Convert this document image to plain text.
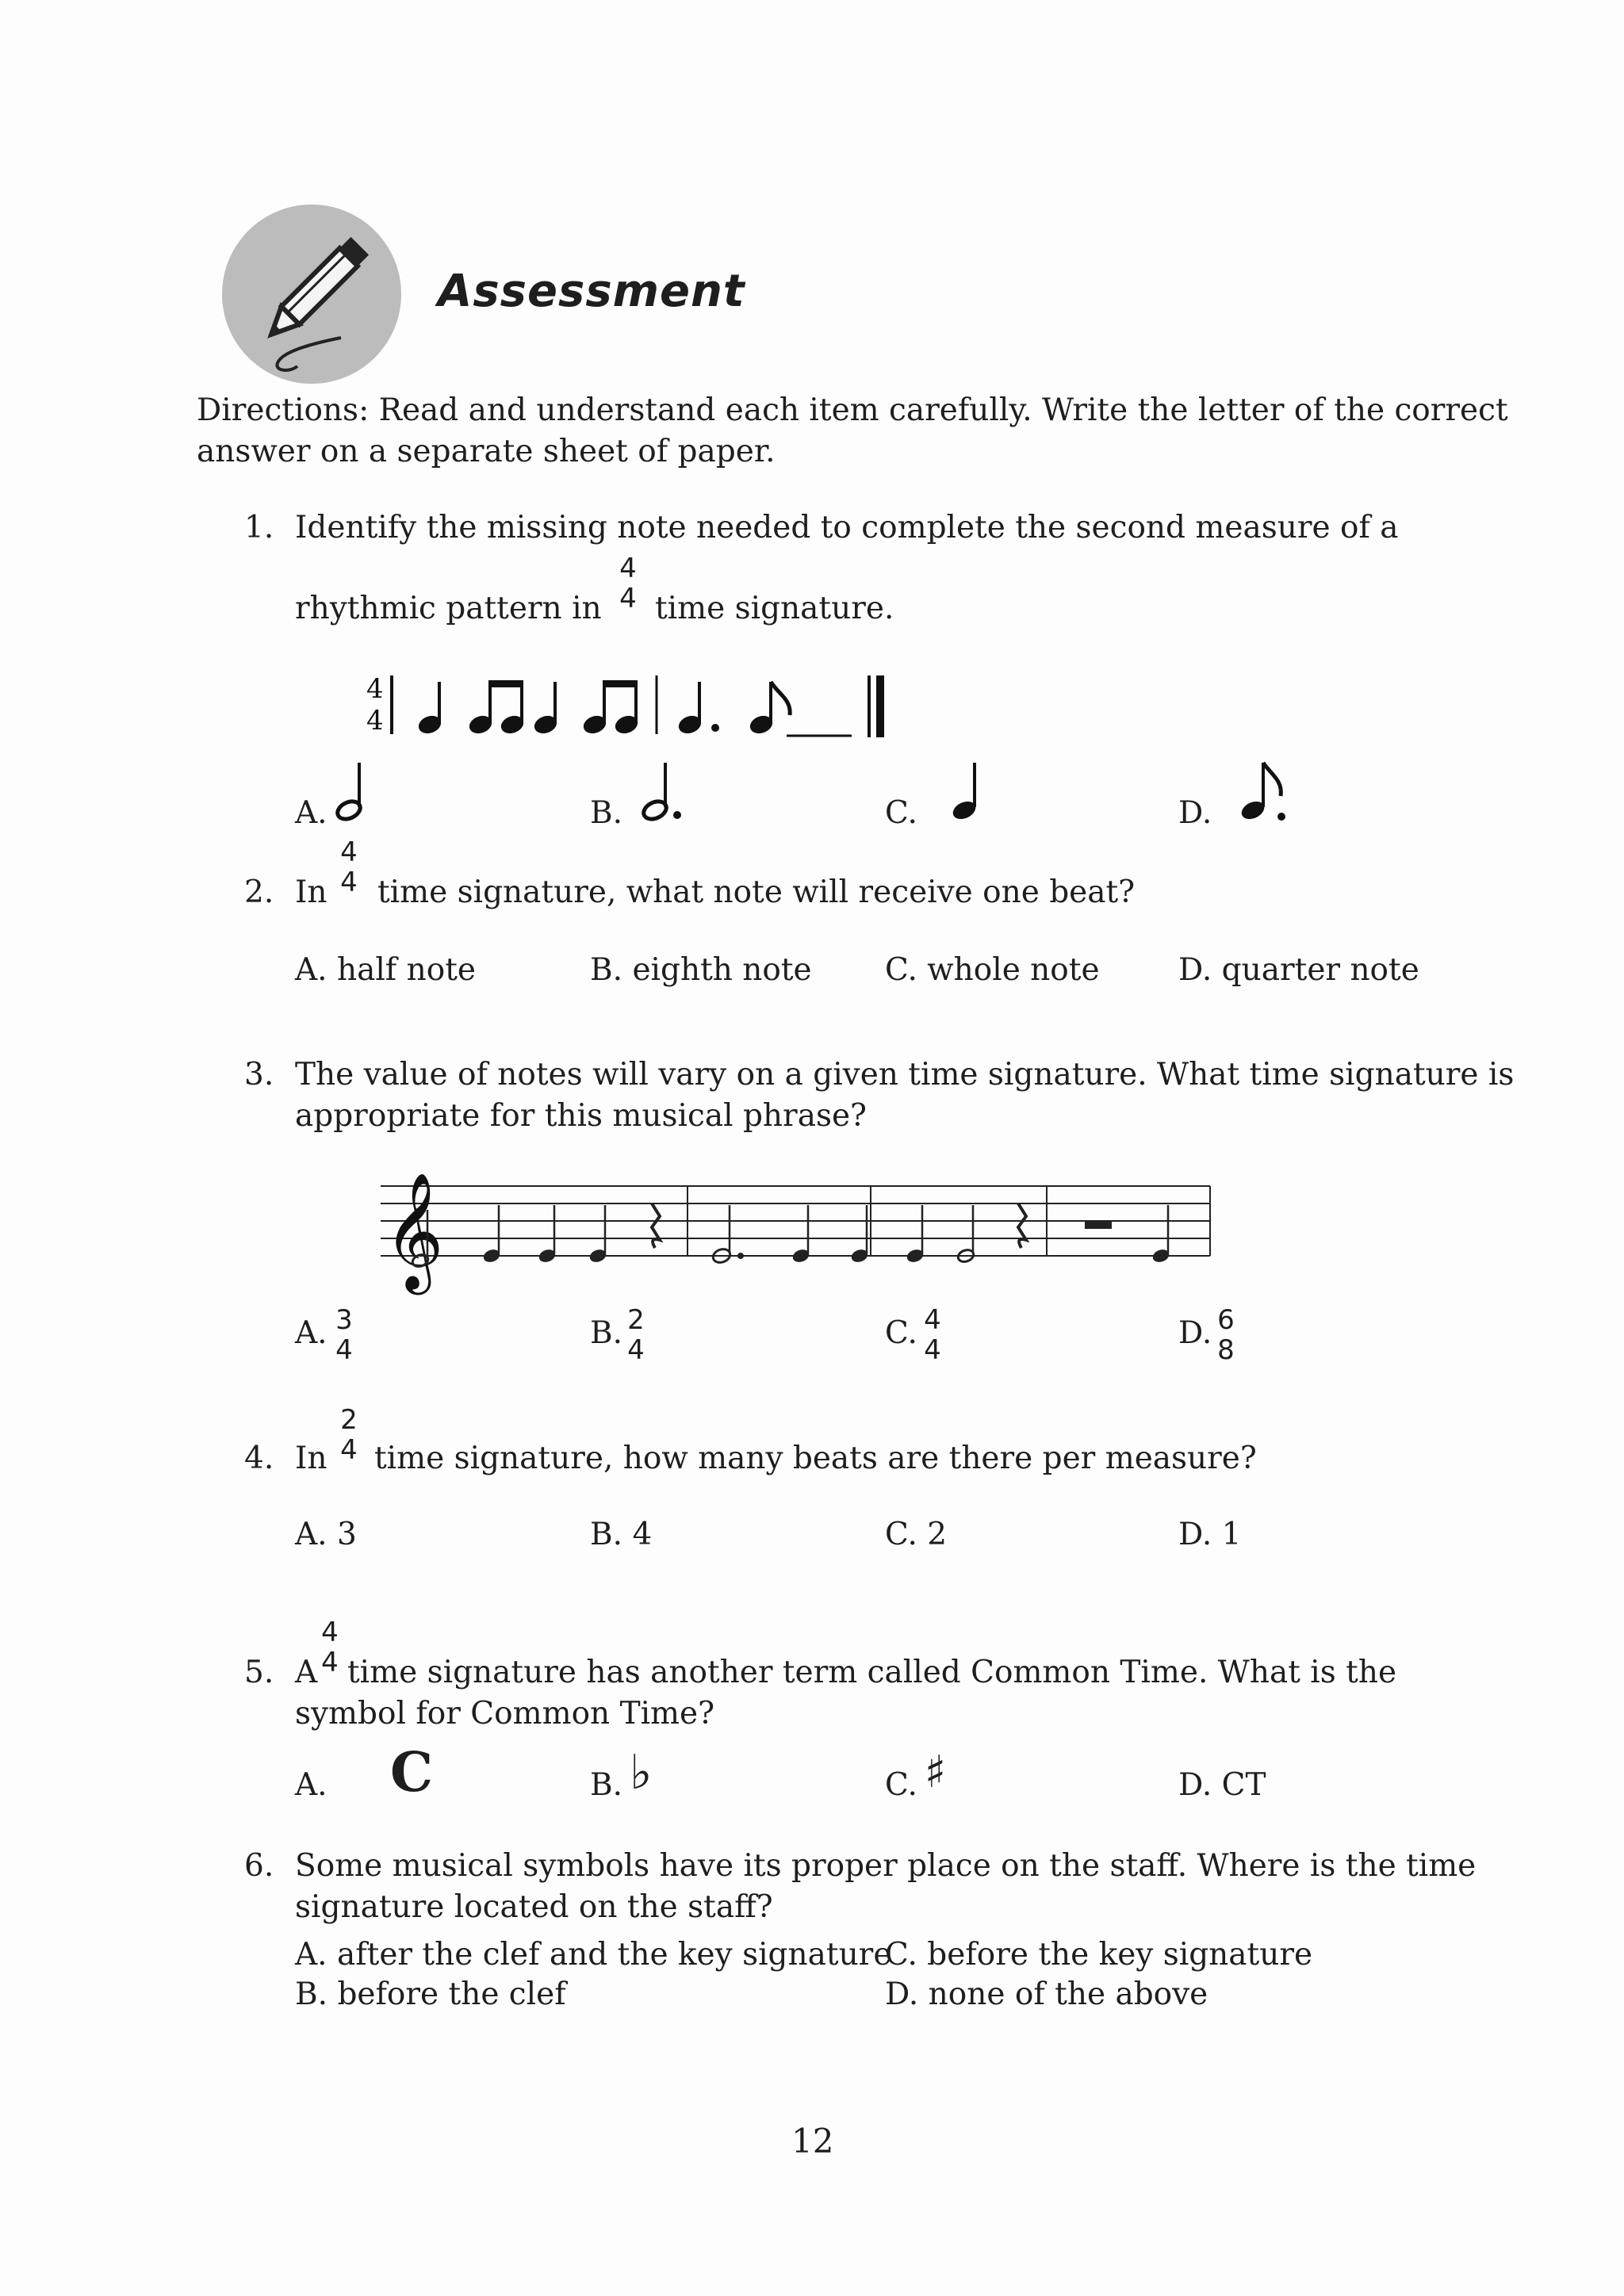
Assessment
Directions: Read and understand each item carefully. Write the letter of the correct
answer on a separate sheet of paper.
1. Identify the missing note needed to complete the second measure of a
rhythmic pattern in
4
4 time signature.
4
4
A.	B.	C.	D.
2. In
4
4 time signature, what note will receive one beat?
A. half note	B. eighth note C. whole note	D. quarter note
3. The value of notes will vary on a given time signature. What time signature is
appropriate for this musical phrase?
𝄞
A. 3
4	B. 2
4	C. 4
4	D. 6
8
4. In
2
4 time signature, how many beats are there per measure?
A. 3	B. 4	C. 2	D. 1
5. A
4
4 time signature has another term called Common Time. What is the
symbol for Common Time?
A. C	B. ♭	C. ♯	D. CT
6. Some musical symbols have its proper place on the staff. Where is the time
signature located on the staff?
A. after the clef and the key signature
C. before the key signature
B. before the clef	D. none of the above
12
